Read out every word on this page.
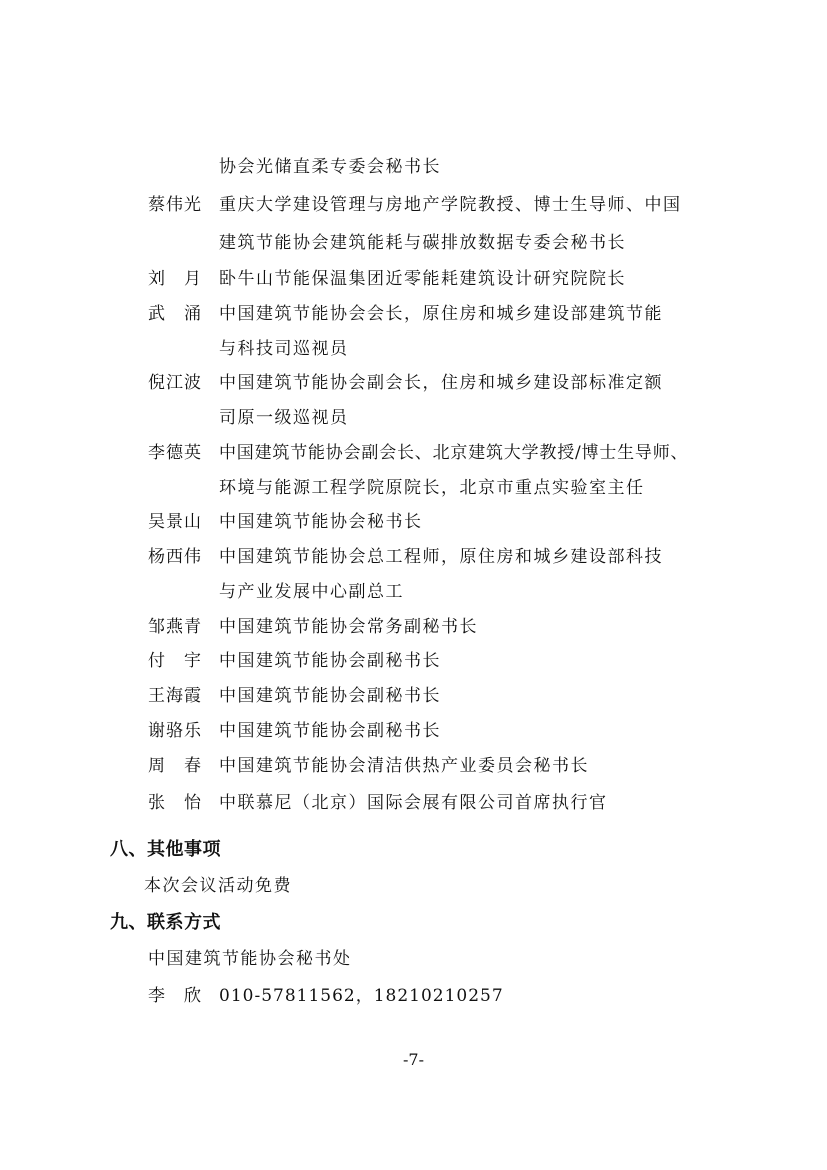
协会光储直柔专委会秘书长
蔡伟光 重庆大学建设管理与房地产学院教授、博士生导师、中国
建筑节能协会建筑能耗与碳排放数据专委会秘书长
刘　月 卧牛山节能保温集团近零能耗建筑设计研究院院长
武　涌 中国建筑节能协会会长，原住房和城乡建设部建筑节能
与科技司巡视员
倪江波 中国建筑节能协会副会长，住房和城乡建设部标准定额
司原一级巡视员
李德英 中国建筑节能协会副会长、北京建筑大学教授/博士生导师、
环境与能源工程学院原院长，北京市重点实验室主任
吴景山 中国建筑节能协会秘书长
杨西伟 中国建筑节能协会总工程师，原住房和城乡建设部科技
与产业发展中心副总工
邹燕青 中国建筑节能协会常务副秘书长
付　宇 中国建筑节能协会副秘书长
王海霞 中国建筑节能协会副秘书长
谢骆乐 中国建筑节能协会副秘书长
周　春 中国建筑节能协会清洁供热产业委员会秘书长
张　怡 中联慕尼（北京）国际会展有限公司首席执行官
八、其他事项
本次会议活动免费
九、联系方式
中国建筑节能协会秘书处
李　欣 010-57811562，18210210257
-7-
